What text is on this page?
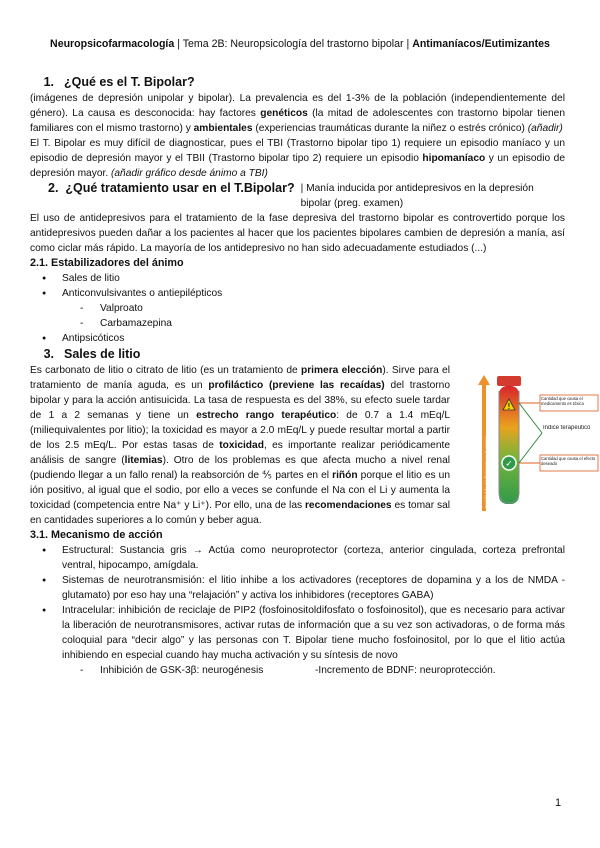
Neuropsicofarmacología | Tema 2B: Neuropsicología del trastorno bipolar | Antimaníacos/Eutimizantes
1. ¿Qué es el T. Bipolar?

(imágenes de depresión unipolar y bipolar). La prevalencia es del 1-3% de la población (independientemente del género). La causa es desconocida: hay factores genéticos (la mitad de adolescentes con trastorno bipolar tienen familiares con el mismo trastorno) y ambientales (experiencias traumáticas durante la niñez o estrés crónico) (añadir)

El T. Bipolar es muy difícil de diagnosticar, pues el TBI (Trastorno bipolar tipo 1) requiere un episodio maníaco y un episodio de depresión mayor y el TBII (Trastorno bipolar tipo 2) requiere un episodio hipomaníaco y un episodio de depresión mayor. (añadir gráfico desde ánimo a TBI)

2. ¿Qué tratamiento usar en el T.Bipolar? | Manía inducida por antidepresivos en la depresión bipolar (preg. examen)

El uso de antidepresivos para el tratamiento de la fase depresiva del trastorno bipolar es controvertido porque los antidepresivos pueden dañar a los pacientes al hacer que los pacientes bipolares cambien de depresión a manía, así como ciclar más rápido. La mayoría de los antidepresivo no han sido adecuadamente estudiados (...)

2.1. Estabilizadores del ánimo
● Sales de litio
● Anticonvulsivantes o antiepilépticos
- Valproato
- Carbamazepina
● Antipsicóticos
3. Sales de litio

Es carbonato de litio o citrato de litio (es un tratamiento de primera elección). Sirve para el tratamiento de manía aguda, es un profiláctico (previene las recaídas) del trastorno bipolar y para la acción antisuicida. La tasa de respuesta es del 38%, su efecto suele tardar de 1 a 2 semanas y tiene un estrecho rango terapéutico: de 0.7 a 1.4 mEq/L (miliequivalentes por litio); la toxicidad es mayor a 2.0 mEq/L y puede resultar mortal a partir de los 2.5 mEq/L. Por estas tasas de toxicidad, es importante realizar periódicamente análisis de sangre (litemias). Otro de los problemas es que afecta mucho a nivel renal (pudiendo llegar a un fallo renal) la reabsorción de ⅘ partes en el riñón porque el litio es un ión positivo, al igual que el sodio, por ello a veces se confunde el Na con el Li y aumenta la toxicidad (competencia entre Na⁺ y Li⁺). Por ello, una de las recomendaciones es tomar sal en cantidades superiores a lo común y beber agua.

Cantidad de medicamento en la sangre
!
✓
Cantidad que causa el medicamento es tóxica
Índice terapéutico
Cantidad que causa el efecto deseado
3.1. Mecanismo de acción
● Estructural: Sustancia gris → Actúa como neuroprotector (corteza, anterior cingulada, corteza prefrontal ventral, hipocampo, amígdala.
● Sistemas de neurotransmisión: el litio inhibe a los activadores (receptores de dopamina y a los de NMDA - glutamato) por eso hay una “relajación” y activa los inhibidores (receptores GABA)
● Intracelular: inhibición de reciclaje de PIP2 (fosfoinositoldifosfato o fosfoinositol), que es necesario para activar la liberación de neurotransmisores, activar rutas de información que a su vez son activadoras, o de forma más coloquial para “decir algo” y las personas con T. Bipolar tiene mucho fosfoinositol, por lo que el litio actúa inhibiendo en especial cuando hay mucha activación y su síntesis de novo
- Inhibición de GSK-3β: neurogénesis	-Incremento de BDNF: neuroprotección.
1
